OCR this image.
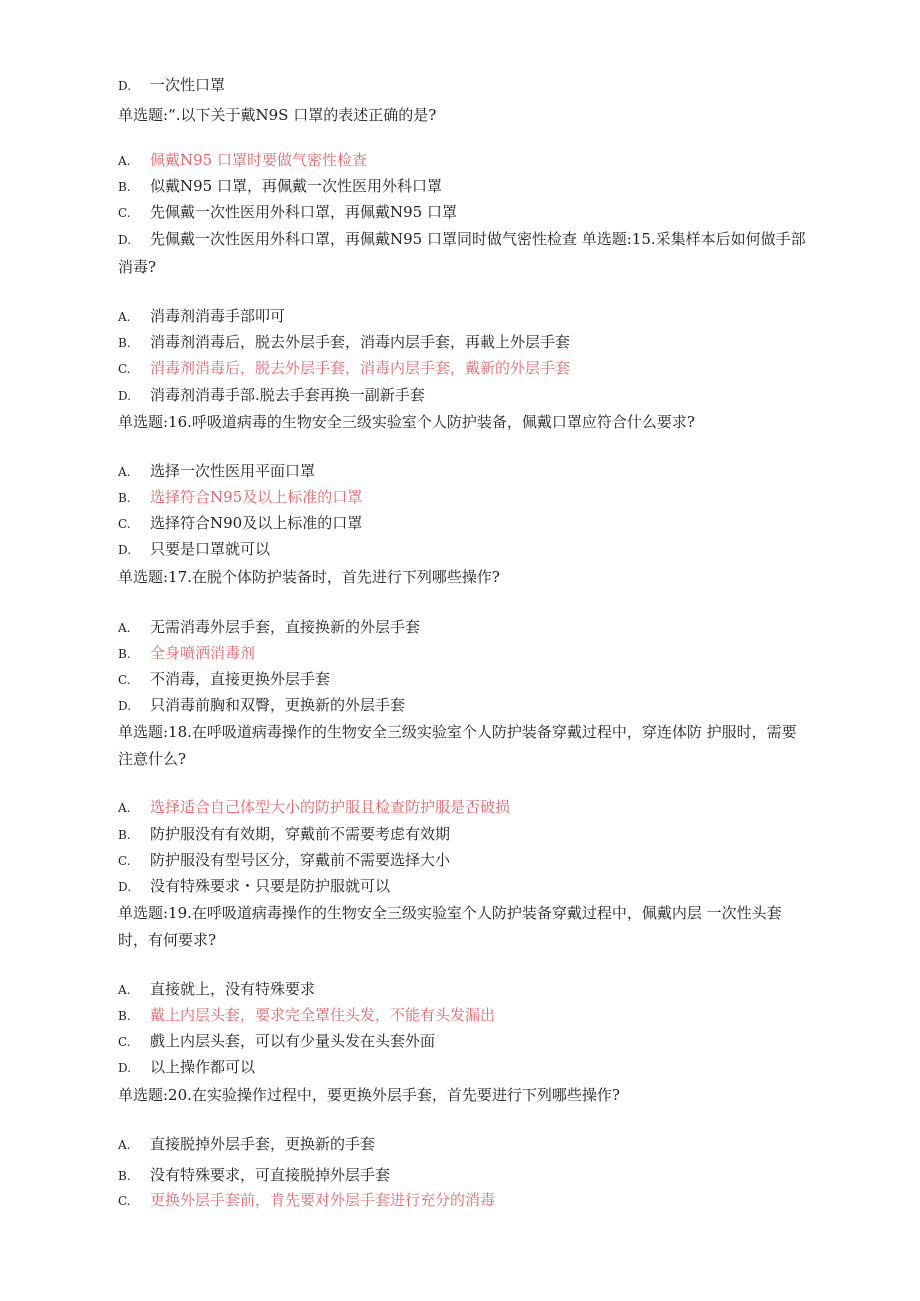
D. 一次性口罩
单选题:“.以下关于戴N9S 口罩的表述正确的是?
A. 佩戴N95 口罩时要做气密性检查
B. 似戴N95 口罩，再佩戴一次性医用外科口罩
C. 先佩戴一次性医用外科口罩，再佩戴N95 口罩
D. 先佩戴一次性医用外科口罩，再佩戴N95 口罩同时做气密性检查 单选题:15.采集样本后如何做手部消毒?
A. 消毒剂消毒手部叩可
B. 消毒剂消毒后，脱去外层手套，消毒内层手套，再載上外层手套
C. 消毒剂消毒后，脱去外层手套，消毒内层手套，戴新的外层手套
D. 消毒剂消毒手部.脱去手套再换一副新手套
单选题:16.呼吸道病毒的生物安全三级实验室个人防护装备，佩戴口罩应符合什么要求?
A. 选择一次性医用平面口罩
B. 选择符合N95及以上标准的口罩
C. 选择符合N90及以上标准的口罩
D. 只要是口罩就可以
单选题:17.在脱个体防护装备时，首先进行下列哪些操作?
A. 无需消毒外层手套，直接换新的外层手套
B. 全身喷洒消毒剂
C. 不消毒，直接更换外层手套
D. 只消毒前胸和双臀，更换新的外层手套
单选题:18.在呼吸道病毒操作的生物安全三级实验室个人防护装备穿戴过程中，穿连体防 护服时，需要注意什么?
A. 选择适合自己体型大小的防护服且检查防护服是否破损
B. 防护服没有有效期，穿戴前不需要考虑有效期
C. 防护服没有型号区分，穿戴前不需要选择大小
D. 没有特殊要求・只要是防护服就可以
单选题:19.在呼吸道病毒操作的生物安全三级实验室个人防护装备穿戴过程中，佩戴内层 一次性头套时，有何要求?
A. 直接就上，没有特殊要求
B. 戴上内层头套，要求完全罩住头发，不能有头发漏出
C. 戲上内层头套，可以有少量头发在头套外面
D. 以上操作都可以
单选题:20.在实验操作过程中，要更换外层手套，首先要进行下列哪些操作?
A. 直接脱掉外层手套，更换新的手套
B. 没有特殊要求，可直接脱掉外层手套
C. 更换外层手套前，肯先要对外层手套进行充分的消毒
